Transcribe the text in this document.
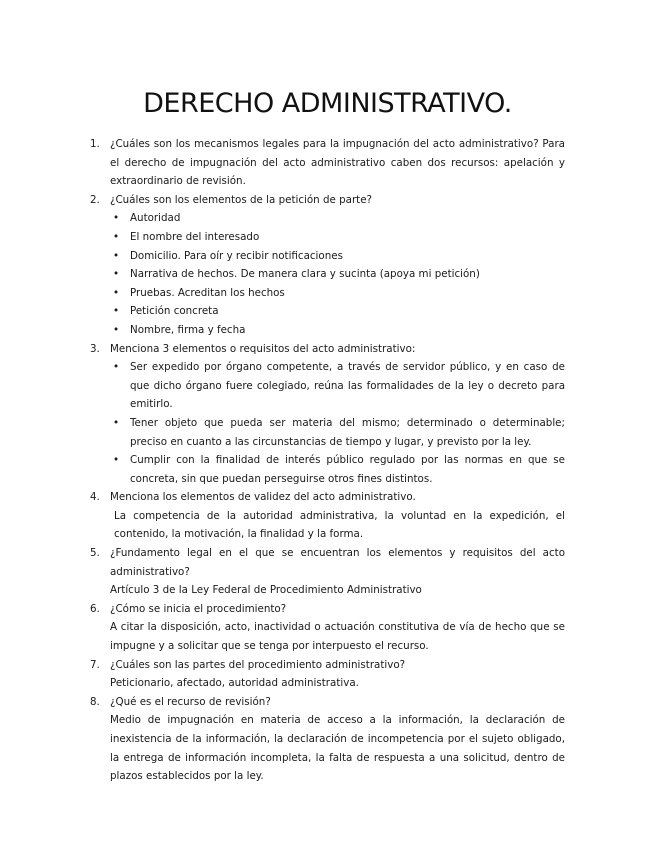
DERECHO ADMINISTRATIVO.
1. ¿Cuáles son los mecanismos legales para la impugnación del acto administrativo? Para el derecho de impugnación del acto administrativo caben dos recursos: apelación y extraordinario de revisión.
2. ¿Cuáles son los elementos de la petición de parte?
• Autoridad
• El nombre del interesado
• Domicilio. Para oír y recibir notificaciones
• Narrativa de hechos. De manera clara y sucinta (apoya mi petición)
• Pruebas. Acreditan los hechos
• Petición concreta
• Nombre, firma y fecha
3. Menciona 3 elementos o requisitos del acto administrativo:
• Ser expedido por órgano competente, a través de servidor público, y en caso de que dicho órgano fuere colegiado, reúna las formalidades de la ley o decreto para emitirlo.
• Tener objeto que pueda ser materia del mismo; determinado o determinable; preciso en cuanto a las circunstancias de tiempo y lugar, y previsto por la ley.
• Cumplir con la finalidad de interés público regulado por las normas en que se concreta, sin que puedan perseguirse otros fines distintos.
4. Menciona los elementos de validez del acto administrativo.
La competencia de la autoridad administrativa, la voluntad en la expedición, el contenido, la motivación, la finalidad y la forma.
5. ¿Fundamento legal en el que se encuentran los elementos y requisitos del acto administrativo?
Artículo 3 de la Ley Federal de Procedimiento Administrativo
6. ¿Cómo se inicia el procedimiento?
A citar la disposición, acto, inactividad o actuación constitutiva de vía de hecho que se impugne y a solicitar que se tenga por interpuesto el recurso.
7. ¿Cuáles son las partes del procedimiento administrativo?
Peticionario, afectado, autoridad administrativa.
8. ¿Qué es el recurso de revisión?
Medio de impugnación en materia de acceso a la información, la declaración de inexistencia de la información, la declaración de incompetencia por el sujeto obligado, la entrega de información incompleta, la falta de respuesta a una solicitud, dentro de plazos establecidos por la ley.
